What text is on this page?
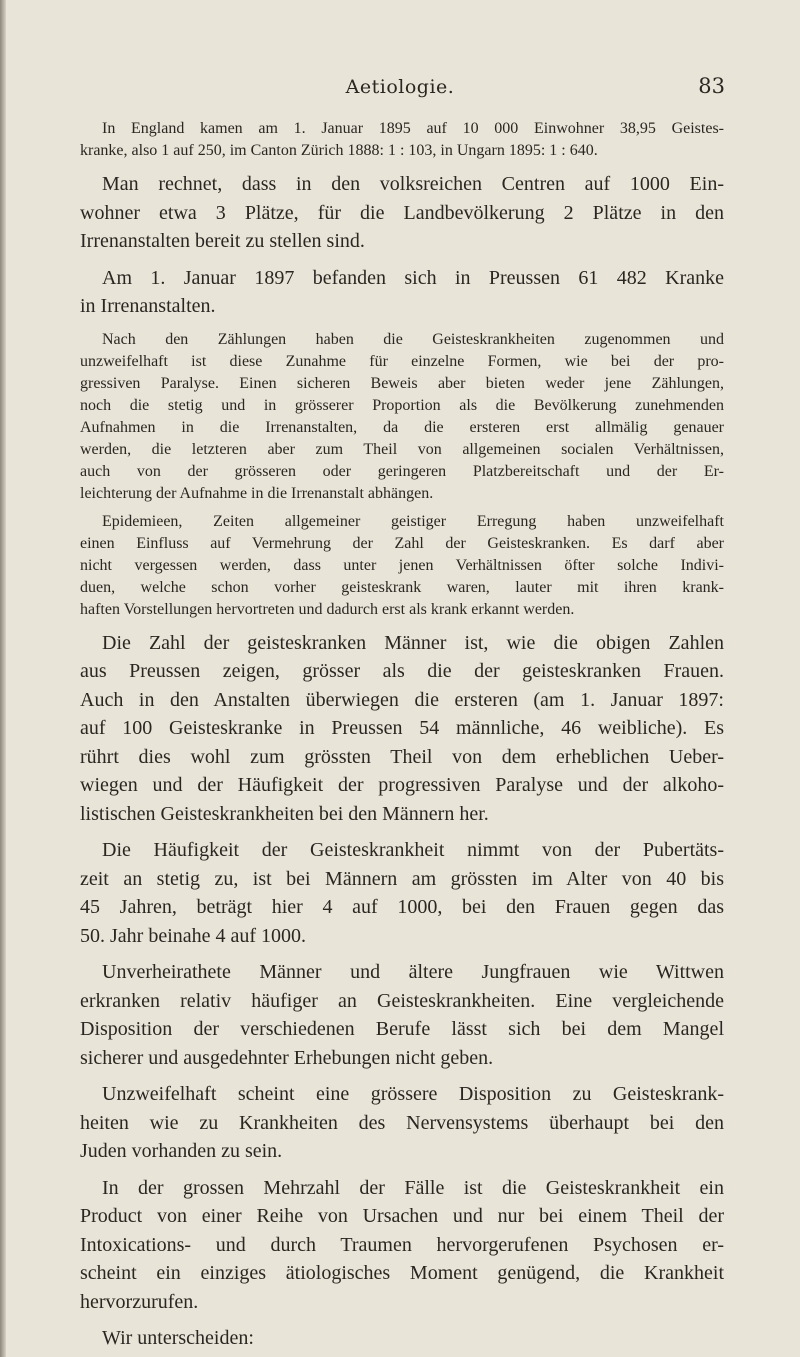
Aetiologie.	83
In England kamen am 1. Januar 1895 auf 10 000 Einwohner 38,95 Geistes-
kranke, also 1 auf 250, im Canton Zürich 1888: 1 : 103, in Ungarn 1895: 1 : 640.
Man rechnet, dass in den volksreichen Centren auf 1000 Ein-
wohner etwa 3 Plätze, für die Landbevölkerung 2 Plätze in den
Irrenanstalten bereit zu stellen sind.
Am 1. Januar 1897 befanden sich in Preussen 61 482 Kranke
in Irrenanstalten.
Nach den Zählungen haben die Geisteskrankheiten zugenommen und
unzweifelhaft ist diese Zunahme für einzelne Formen, wie bei der pro-
gressiven Paralyse. Einen sicheren Beweis aber bieten weder jene Zählungen,
noch die stetig und in grösserer Proportion als die Bevölkerung zunehmenden
Aufnahmen in die Irrenanstalten, da die ersteren erst allmälig genauer
werden, die letzteren aber zum Theil von allgemeinen socialen Verhältnissen,
auch von der grösseren oder geringeren Platzbereitschaft und der Er-
leichterung der Aufnahme in die Irrenanstalt abhängen.
Epidemieen, Zeiten allgemeiner geistiger Erregung haben unzweifelhaft
einen Einfluss auf Vermehrung der Zahl der Geisteskranken. Es darf aber
nicht vergessen werden, dass unter jenen Verhältnissen öfter solche Indivi-
duen, welche schon vorher geisteskrank waren, lauter mit ihren krank-
haften Vorstellungen hervortreten und dadurch erst als krank erkannt werden.
Die Zahl der geisteskranken Männer ist, wie die obigen Zahlen
aus Preussen zeigen, grösser als die der geisteskranken Frauen.
Auch in den Anstalten überwiegen die ersteren (am 1. Januar 1897:
auf 100 Geisteskranke in Preussen 54 männliche, 46 weibliche). Es
rührt dies wohl zum grössten Theil von dem erheblichen Ueber-
wiegen und der Häufigkeit der progressiven Paralyse und der alkoho-
listischen Geisteskrankheiten bei den Männern her.
Die Häufigkeit der Geisteskrankheit nimmt von der Pubertäts-
zeit an stetig zu, ist bei Männern am grössten im Alter von 40 bis
45 Jahren, beträgt hier 4 auf 1000, bei den Frauen gegen das
50. Jahr beinahe 4 auf 1000.
Unverheirathete Männer und ältere Jungfrauen wie Wittwen
erkranken relativ häufiger an Geisteskrankheiten. Eine vergleichende
Disposition der verschiedenen Berufe lässt sich bei dem Mangel
sicherer und ausgedehnter Erhebungen nicht geben.
Unzweifelhaft scheint eine grössere Disposition zu Geisteskrank-
heiten wie zu Krankheiten des Nervensystems überhaupt bei den
Juden vorhanden zu sein.
In der grossen Mehrzahl der Fälle ist die Geisteskrankheit ein
Product von einer Reihe von Ursachen und nur bei einem Theil der
Intoxications- und durch Traumen hervorgerufenen Psychosen er-
scheint ein einziges ätiologisches Moment genügend, die Krankheit
hervorzurufen.
Wir unterscheiden:
